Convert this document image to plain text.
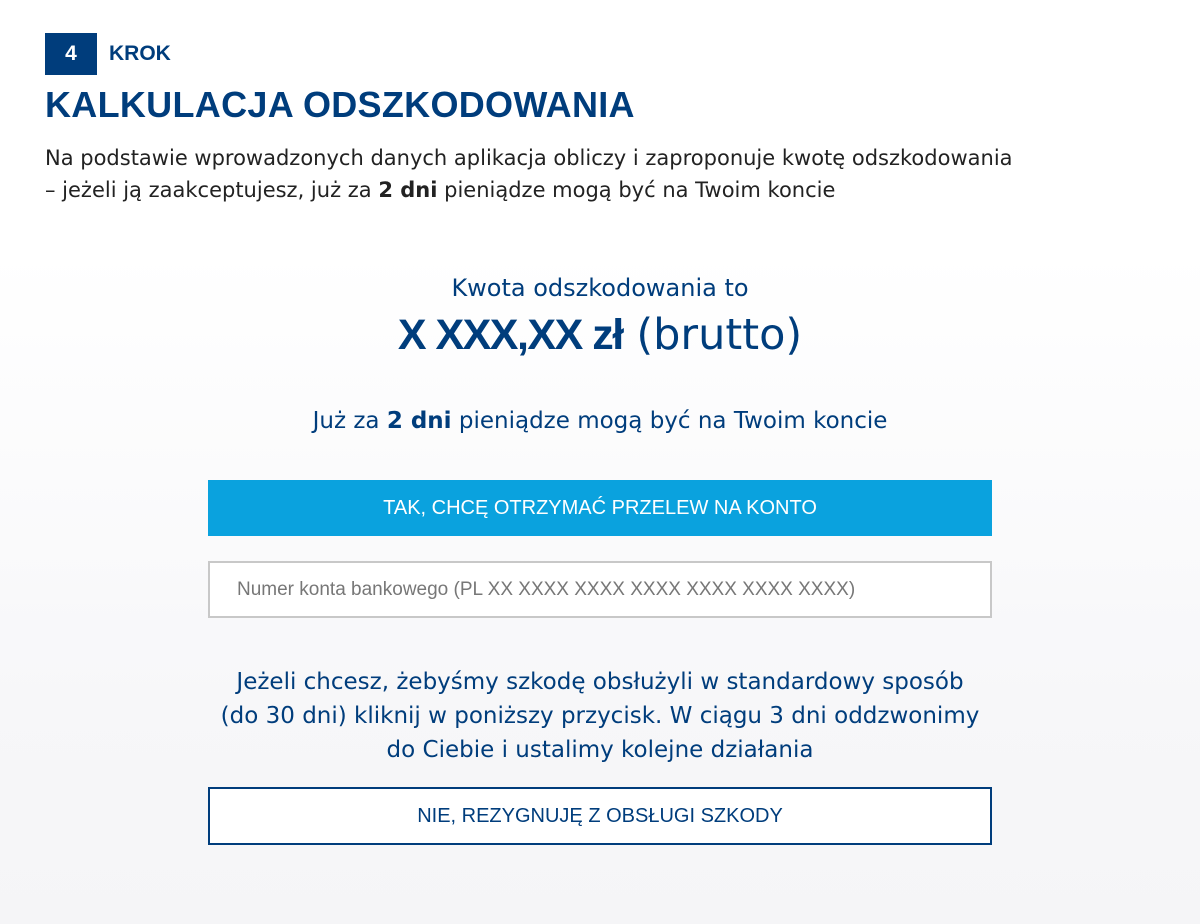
4	KROK
KALKULACJA ODSZKODOWANIA
Na podstawie wprowadzonych danych aplikacja obliczy i zaproponuje kwotę odszkodowania
– jeżeli ją zaakceptujesz, już za 2 dni pieniądze mogą być na Twoim koncie
Kwota odszkodowania to
X XXX,XX zł (brutto)
Już za 2 dni pieniądze mogą być na Twoim koncie
TAK, CHCĘ OTRZYMAĆ PRZELEW NA KONTO
Numer konta bankowego (PL XX XXXX XXXX XXXX XXXX XXXX XXXX)
Jeżeli chcesz, żebyśmy szkodę obsłużyli w standardowy sposób
(do 30 dni) kliknij w poniższy przycisk. W ciągu 3 dni oddzwonimy
do Ciebie i ustalimy kolejne działania
NIE, REZYGNUJĘ Z OBSŁUGI SZKODY
